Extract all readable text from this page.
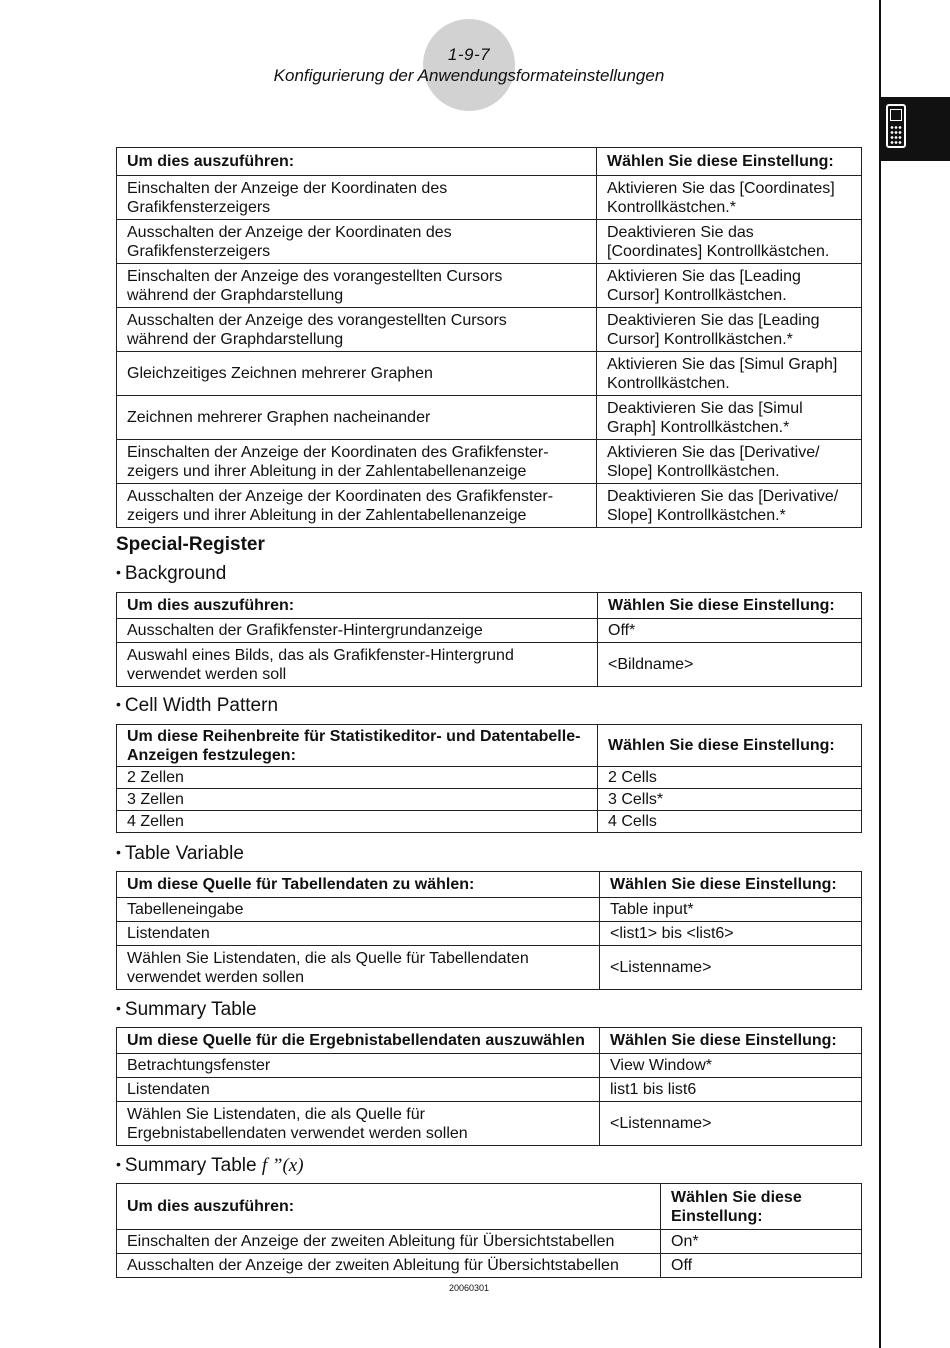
1-9-7
Konfigurierung der Anwendungsformateinstellungen
Um dies auszuführen:	Wählen Sie diese Einstellung:
Einschalten der Anzeige der Koordinaten des
Grafikfensterzeigers	Aktivieren Sie das [Coordinates]
Kontrollkästchen.*
Ausschalten der Anzeige der Koordinaten des
Grafikfensterzeigers	Deaktivieren Sie das
[Coordinates] Kontrollkästchen.
Einschalten der Anzeige des vorangestellten Cursors
während der Graphdarstellung	Aktivieren Sie das [Leading
Cursor] Kontrollkästchen.
Ausschalten der Anzeige des vorangestellten Cursors
während der Graphdarstellung	Deaktivieren Sie das [Leading
Cursor] Kontrollkästchen.*
Gleichzeitiges Zeichnen mehrerer Graphen	Aktivieren Sie das [Simul Graph]
Kontrollkästchen.
Zeichnen mehrerer Graphen nacheinander	Deaktivieren Sie das [Simul
Graph] Kontrollkästchen.*
Einschalten der Anzeige der Koordinaten des Grafikfenster-
zeigers und ihrer Ableitung in der Zahlentabellenanzeige	Aktivieren Sie das [Derivative/
Slope] Kontrollkästchen.
Ausschalten der Anzeige der Koordinaten des Grafikfenster-
zeigers und ihrer Ableitung in der Zahlentabellenanzeige	Deaktivieren Sie das [Derivative/
Slope] Kontrollkästchen.*
Special-Register
• Background
Um dies auszuführen:	Wählen Sie diese Einstellung:
Ausschalten der Grafikfenster-Hintergrundanzeige	Off*
Auswahl eines Bilds, das als Grafikfenster-Hintergrund
verwendet werden soll	<Bildname>
• Cell Width Pattern
Um diese Reihenbreite für Statistikeditor- und Datentabelle-
Anzeigen festzulegen:	Wählen Sie diese Einstellung:
2 Zellen	2 Cells
3 Zellen	3 Cells*
4 Zellen	4 Cells
• Table Variable
Um diese Quelle für Tabellendaten zu wählen:	Wählen Sie diese Einstellung:
Tabelleneingabe	Table input*
Listendaten	<list1> bis <list6>
Wählen Sie Listendaten, die als Quelle für Tabellendaten
verwendet werden sollen	<Listenname>
• Summary Table
Um diese Quelle für die Ergebnistabellendaten auszuwählen	Wählen Sie diese Einstellung:
Betrachtungsfenster	View Window*
Listendaten	list1 bis list6
Wählen Sie Listendaten, die als Quelle für
Ergebnistabellendaten verwendet werden sollen	<Listenname>
• Summary Table f ”(x)
Um dies auszuführen:	Wählen Sie diese
Einstellung:
Einschalten der Anzeige der zweiten Ableitung für Übersichtstabellen	On*
Ausschalten der Anzeige der zweiten Ableitung für Übersichtstabellen	Off
20060301
